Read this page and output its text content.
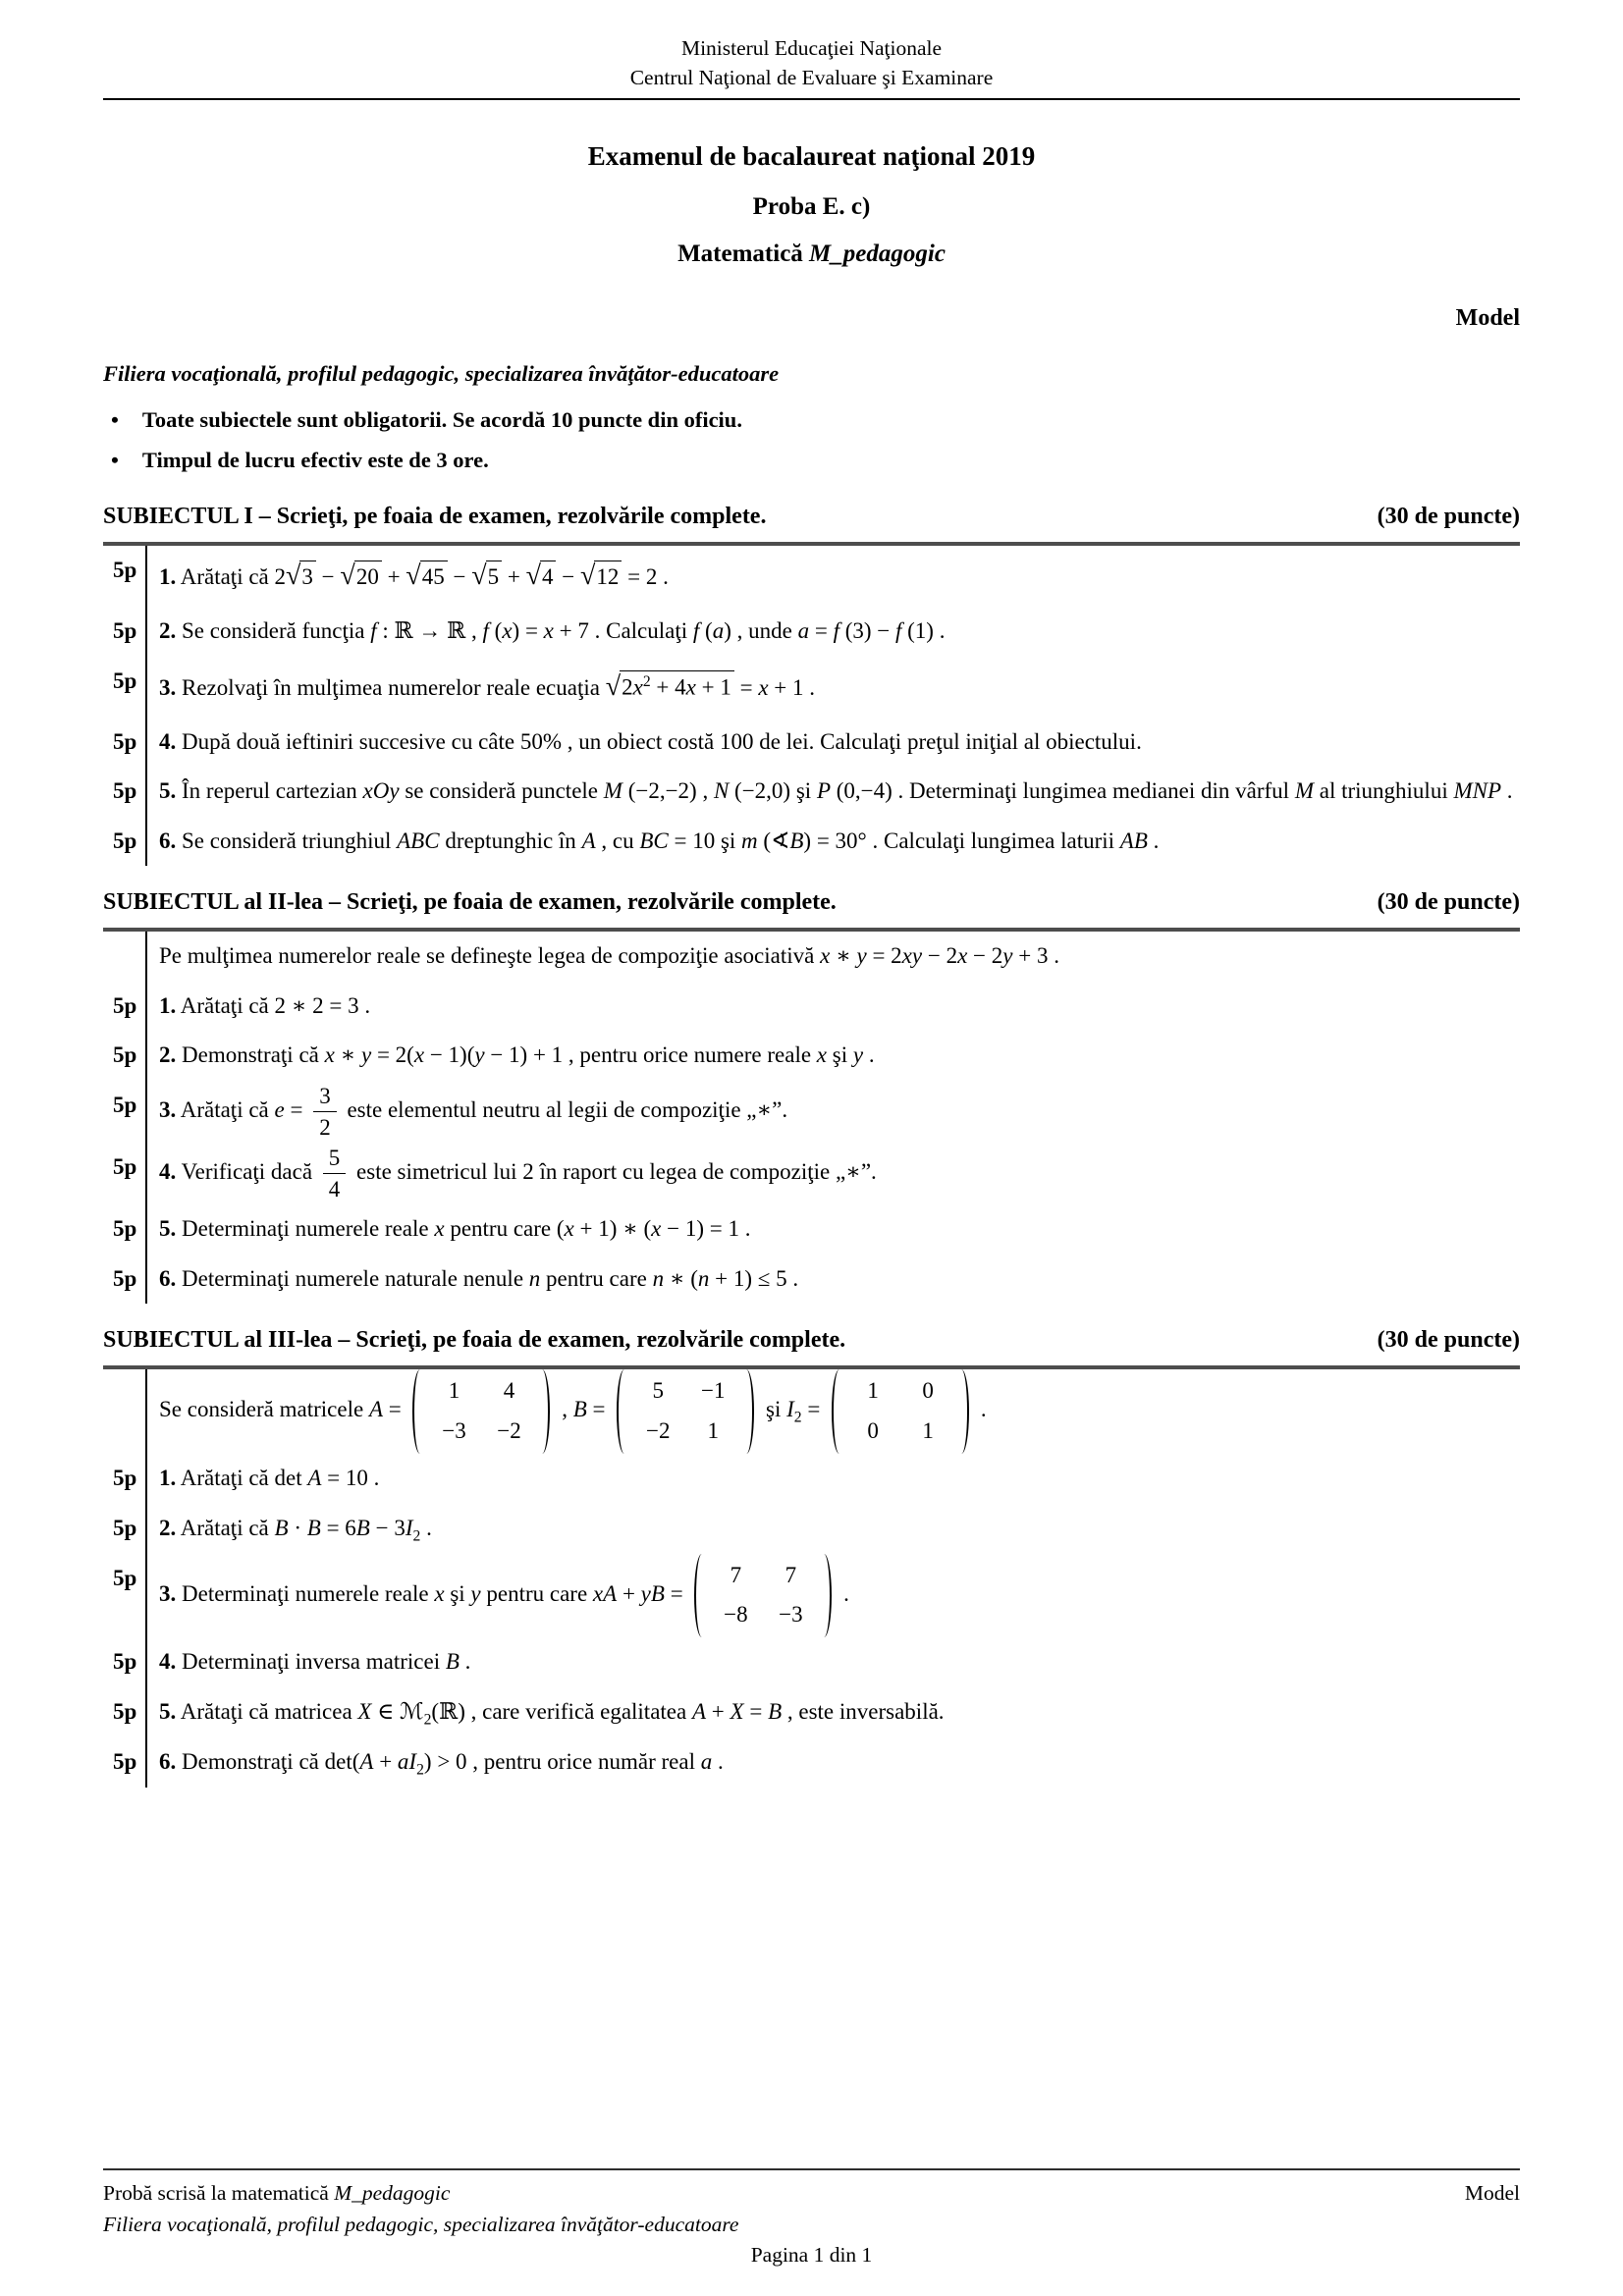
Ministerul Educaţiei Naţionale
Centrul Naţional de Evaluare şi Examinare
Examenul de bacalaureat naţional 2019
Proba E. c)
Matematică M_pedagogic
Model
Filiera vocaţională, profilul pedagogic, specializarea învăţător-educatoare
• Toate subiectele sunt obligatorii. Se acordă 10 puncte din oficiu.
• Timpul de lucru efectiv este de 3 ore.
SUBIECTUL I – Scrieţi, pe foaia de examen, rezolvările complete.	(30 de puncte)
5p 1. Arătaţi că 2√3 − √20 + √45 − √5 + √4 − √12 = 2 .
5p 2. Se consideră funcţia f : ℝ → ℝ , f (x) = x + 7 . Calculaţi f (a) , unde a = f (3) − f (1) .
5p 3. Rezolvaţi în mulţimea numerelor reale ecuaţia $√2x^2 + 4x + 1 = x + 1$ .
5p 4. După două ieftiniri succesive cu câte 50% , un obiect costă 100 de lei. Calculaţi preţul iniţial al obiectului.
5p 5. În reperul cartezian xOy se consideră punctele M (−2,−2) , N (−2,0) şi P (0,−4) . Determinaţi lungimea medianei din vârful M al triunghiului MNP .
5p 6. Se consideră triunghiul ABC dreptunghic în A , cu BC = 10 şi m (∢B) = 30° . Calculaţi lungimea laturii AB .
SUBIECTUL al II-lea – Scrieţi, pe foaia de examen, rezolvările complete.	(30 de puncte)
Pe mulţimea numerelor reale se defineşte legea de compoziţie asociativă x ∗ y = 2xy − 2x − 2y + 3 .
5p 1. Arătaţi că 2 ∗ 2 = 3 .
5p 2. Demonstraţi că x ∗ y = 2(x − 1)(y − 1) + 1 , pentru orice numere reale x şi y .
5p 3. Arătaţi că $e = \frac{3}{2}$ este elementul neutru al legii de compoziţie „∗”.
5p 4. Verificaţi dacă $\frac{5}{4}$ este simetricul lui 2 în raport cu legea de compoziţie „∗”.
5p 5. Determinaţi numerele reale x pentru care (x + 1) ∗ (x − 1) = 1 .
5p 6. Determinaţi numerele naturale nenule n pentru care n ∗ (n + 1) ≤ 5 .
SUBIECTUL al III-lea – Scrieţi, pe foaia de examen, rezolvările complete.	(30 de puncte)
Se consideră matricele A =
1	4
−3 −2
, B =
5	−1
−2	1
şi $I_2$ =
1	0
0	1
.
5p 1. Arătaţi că det A = 10 .
5p 2. Arătaţi că $B \cdot B = 6B - 3I_2$ .
5p
3. Determinaţi numerele reale x şi y pentru care xA + yB =
7	7
−8 −3
.
5p 4. Determinaţi inversa matricei B .
5p 5. Arătaţi că matricea X ∈ ℳ$_2$(ℝ) , care verifică egalitatea A + X = B , este inversabilă.
5p 6. Demonstraţi că $\det(A + aI_2) > 0$ , pentru orice număr real a .
Probă scrisă la matematică M_pedagogic	Model
Filiera vocaţională, profilul pedagogic, specializarea învăţător-educatoare
Pagina 1 din 1
